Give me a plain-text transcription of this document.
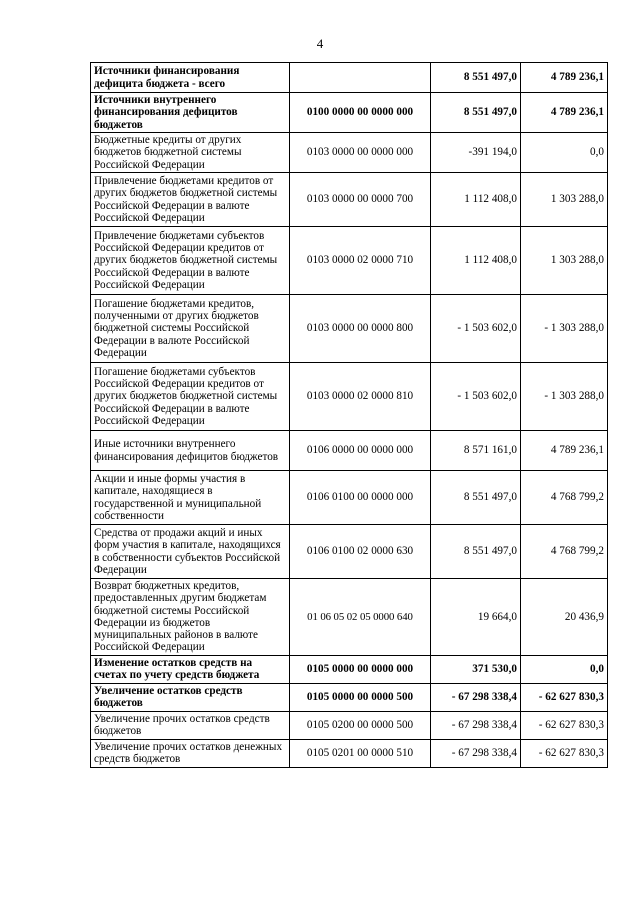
4
Источники финансирования дефицита бюджета - всего		8 551 497,0	4 789 236,1
Источники внутреннего финансирования дефицитов бюджетов	0100 0000 00 0000 000	8 551 497,0	4 789 236,1
Бюджетные кредиты от других бюджетов бюджетной системы Российской Федерации	0103 0000 00 0000 000	-391 194,0	0,0
Привлечение бюджетами кредитов от других бюджетов бюджетной системы Российской Федерации в валюте Российской Федерации	0103 0000 00 0000 700	1 112 408,0	1 303 288,0
Привлечение бюджетами субъектов Российской Федерации кредитов от других бюджетов бюджетной системы Российской Федерации в валюте Российской Федерации	0103 0000 02 0000 710	1 112 408,0	1 303 288,0
Погашение бюджетами кредитов, полученными от других бюджетов бюджетной системы Российской Федерации в валюте Российской Федерации	0103 0000 00 0000 800	- 1 503 602,0	- 1 303 288,0
Погашение бюджетами субъектов Российской Федерации кредитов от других бюджетов бюджетной системы Российской Федерации в валюте Российской Федерации	0103 0000 02 0000 810	- 1 503 602,0	- 1 303 288,0
Иные источники внутреннего финансирования дефицитов бюджетов	0106 0000 00 0000 000	8 571 161,0	4 789 236,1
Акции и иные формы участия в капитале, находящиеся в государственной и муниципальной собственности	0106 0100 00 0000 000	8 551 497,0	4 768 799,2
Средства от продажи акций и иных форм участия в капитале, находящихся в собственности субъектов Российской Федерации	0106 0100 02 0000 630	8 551 497,0	4 768 799,2
Возврат бюджетных кредитов, предоставленных другим бюджетам бюджетной системы Российской Федерации из бюджетов муниципальных районов в валюте Российской Федерации	01 06 05 02 05 0000 640	19 664,0	20 436,9
Изменение остатков средств на счетах по учету средств бюджета	0105 0000 00 0000 000	371 530,0	0,0
Увеличение остатков средств бюджетов	0105 0000 00 0000 500	- 67 298 338,4	- 62 627 830,3
Увеличение прочих остатков средств бюджетов	0105 0200 00 0000 500	- 67 298 338,4	- 62 627 830,3
Увеличение прочих остатков денежных средств бюджетов	0105 0201 00 0000 510	- 67 298 338,4	- 62 627 830,3
